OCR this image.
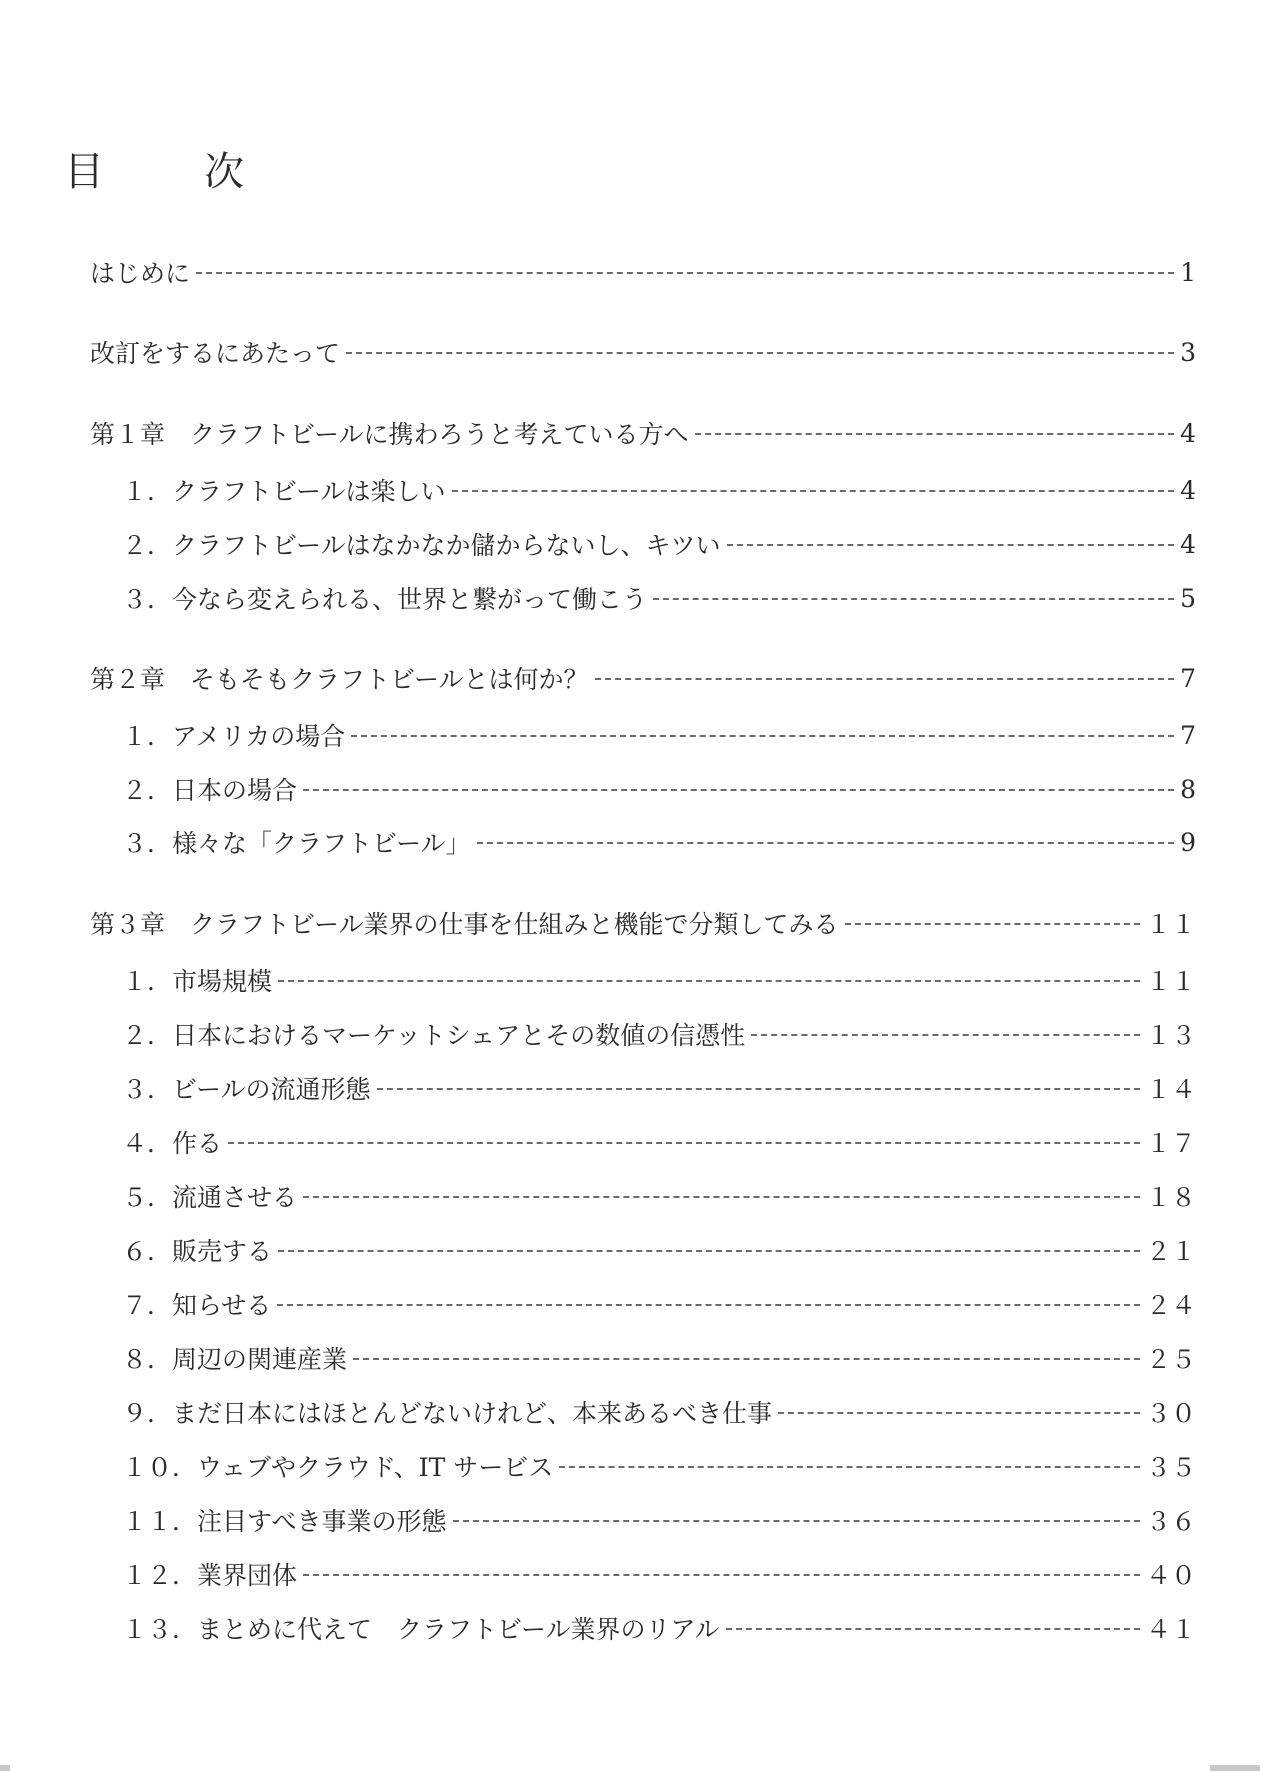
目　次
はじめに	1
改訂をするにあたって	3
第１章　クラフトビールに携わろうと考えている方へ	4
１．クラフトビールは楽しい	4
２．クラフトビールはなかなか儲からないし、キツい	4
３．今なら変えられる、世界と繋がって働こう	5
第２章　そもそもクラフトビールとは何か？	7
１．アメリカの場合	7
２．日本の場合	8
３．様々な「クラフトビール」	9
第３章　クラフトビール業界の仕事を仕組みと機能で分類してみる	１１
１．市場規模	１１
２．日本におけるマーケットシェアとその数値の信憑性	１３
３．ビールの流通形態	１４
４．作る	１７
５．流通させる	１８
６．販売する	２１
７．知らせる	２４
８．周辺の関連産業	２５
９．まだ日本にはほとんどないけれど、本来あるべき仕事	３０
１０．ウェブやクラウド、IT サービス	３５
１１．注目すべき事業の形態	３６
１２．業界団体	４０
１３．まとめに代えて　クラフトビール業界のリアル	４１
